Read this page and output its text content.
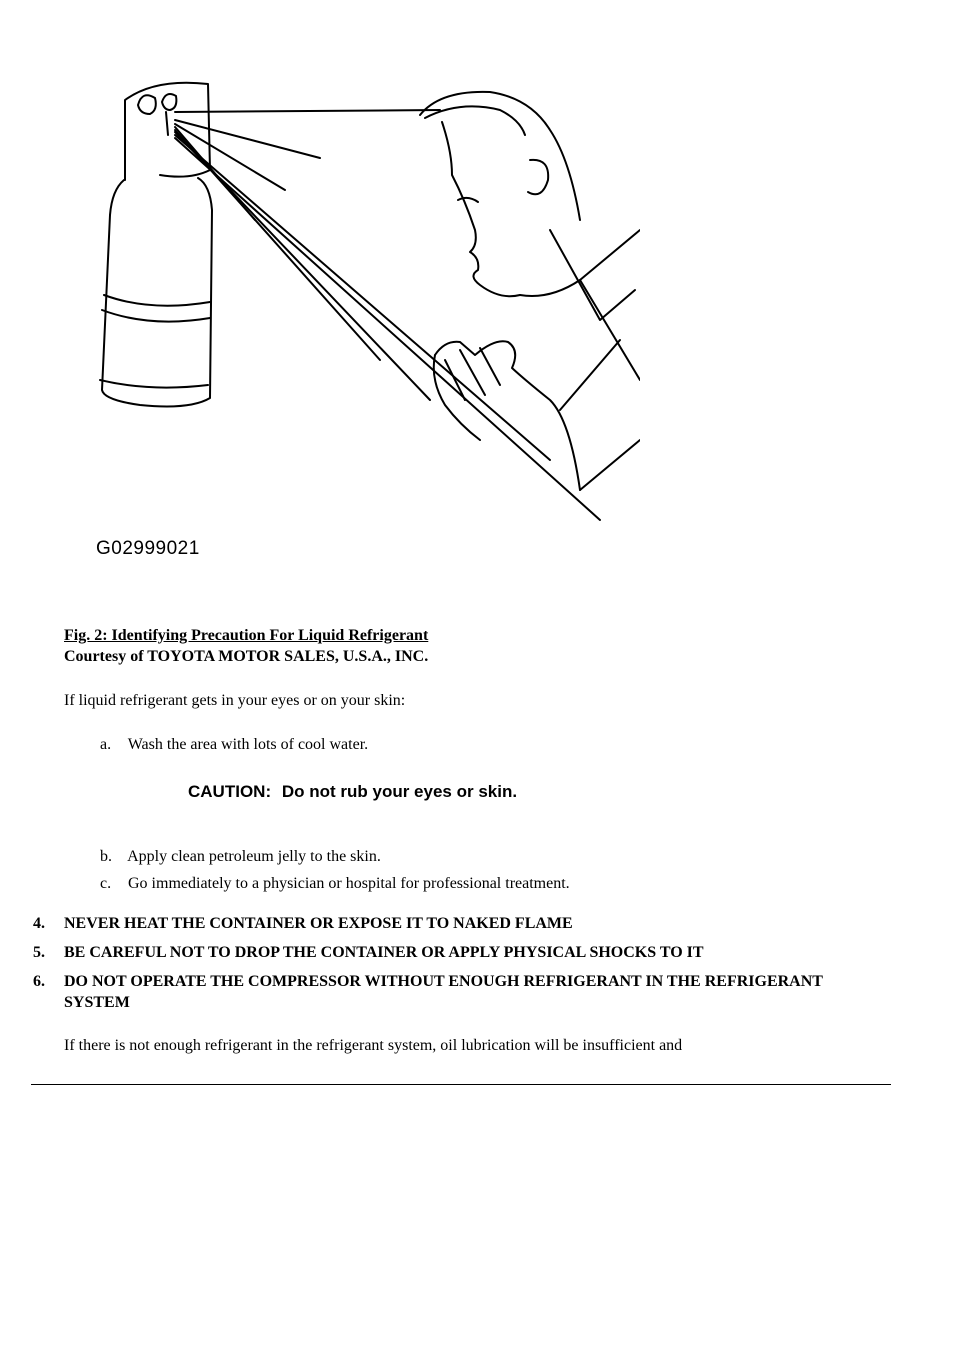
G02999021
Fig. 2: Identifying Precaution For Liquid Refrigerant
Courtesy of TOYOTA MOTOR SALES, U.S.A., INC.
If liquid refrigerant gets in your eyes or on your skin:
a. Wash the area with lots of cool water.
CAUTION: Do not rub your eyes or skin.
b. Apply clean petroleum jelly to the skin.
c. Go immediately to a physician or hospital for professional treatment.
4.	NEVER HEAT THE CONTAINER OR EXPOSE IT TO NAKED FLAME
5.	BE CAREFUL NOT TO DROP THE CONTAINER OR APPLY PHYSICAL SHOCKS TO IT
6.	DO NOT OPERATE THE COMPRESSOR WITHOUT ENOUGH REFRIGERANT IN THE REFRIGERANT SYSTEM
If there is not enough refrigerant in the refrigerant system, oil lubrication will be insufficient and
